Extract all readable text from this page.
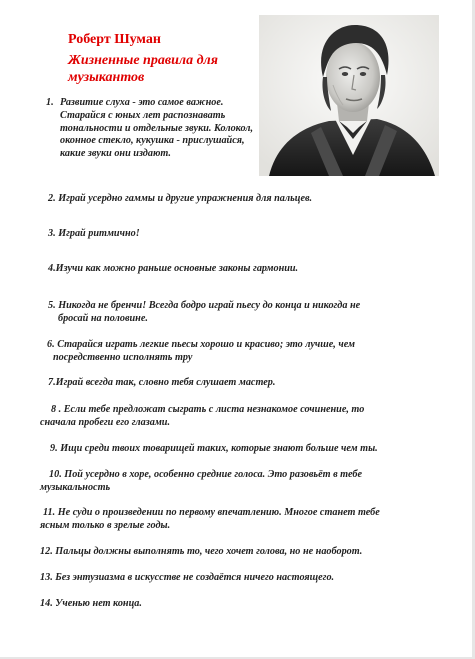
Роберт Шуман
Жизненные правила для музыкантов
1. Развитие слуха - это самое важное. Старайся с юных лет распознавать тональности и отдельные звуки. Колокол, оконное стекло, кукушка - прислушайся, какие звуки они издают.
2. Играй усердно гаммы и другие упражнения для пальцев.
3. Играй ритмично!
4.Изучи как можно раньше основные законы гармонии.
5. Никогда не бренчи! Всегда бодро играй пьесу до конца и никогда не
бросай на половине.
6. Старайся играть легкие пьесы хорошо и красиво; это лучше, чем
посредственно исполнять тру
7.Играй всегда так, словно тебя слушает мастер.
8 . Если тебе предложат сыграть с листа незнакомое сочинение, то
сначала пробеги его глазами.
9. Ищи среди твоих товарищей таких, которые знают больше чем ты.
10. Пой усердно в хоре, особенно средние голоса. Это разовьёт в тебе
музыкальность
11. Не суди о произведении по первому впечатлению. Многое станет тебе
ясным только в зрелые годы.
12. Пальцы должны выполнять то, чего хочет голова, но не наоборот.
13. Без энтузиазма в искусстве не создаётся ничего настоящего.
14. Ученью нет конца.
